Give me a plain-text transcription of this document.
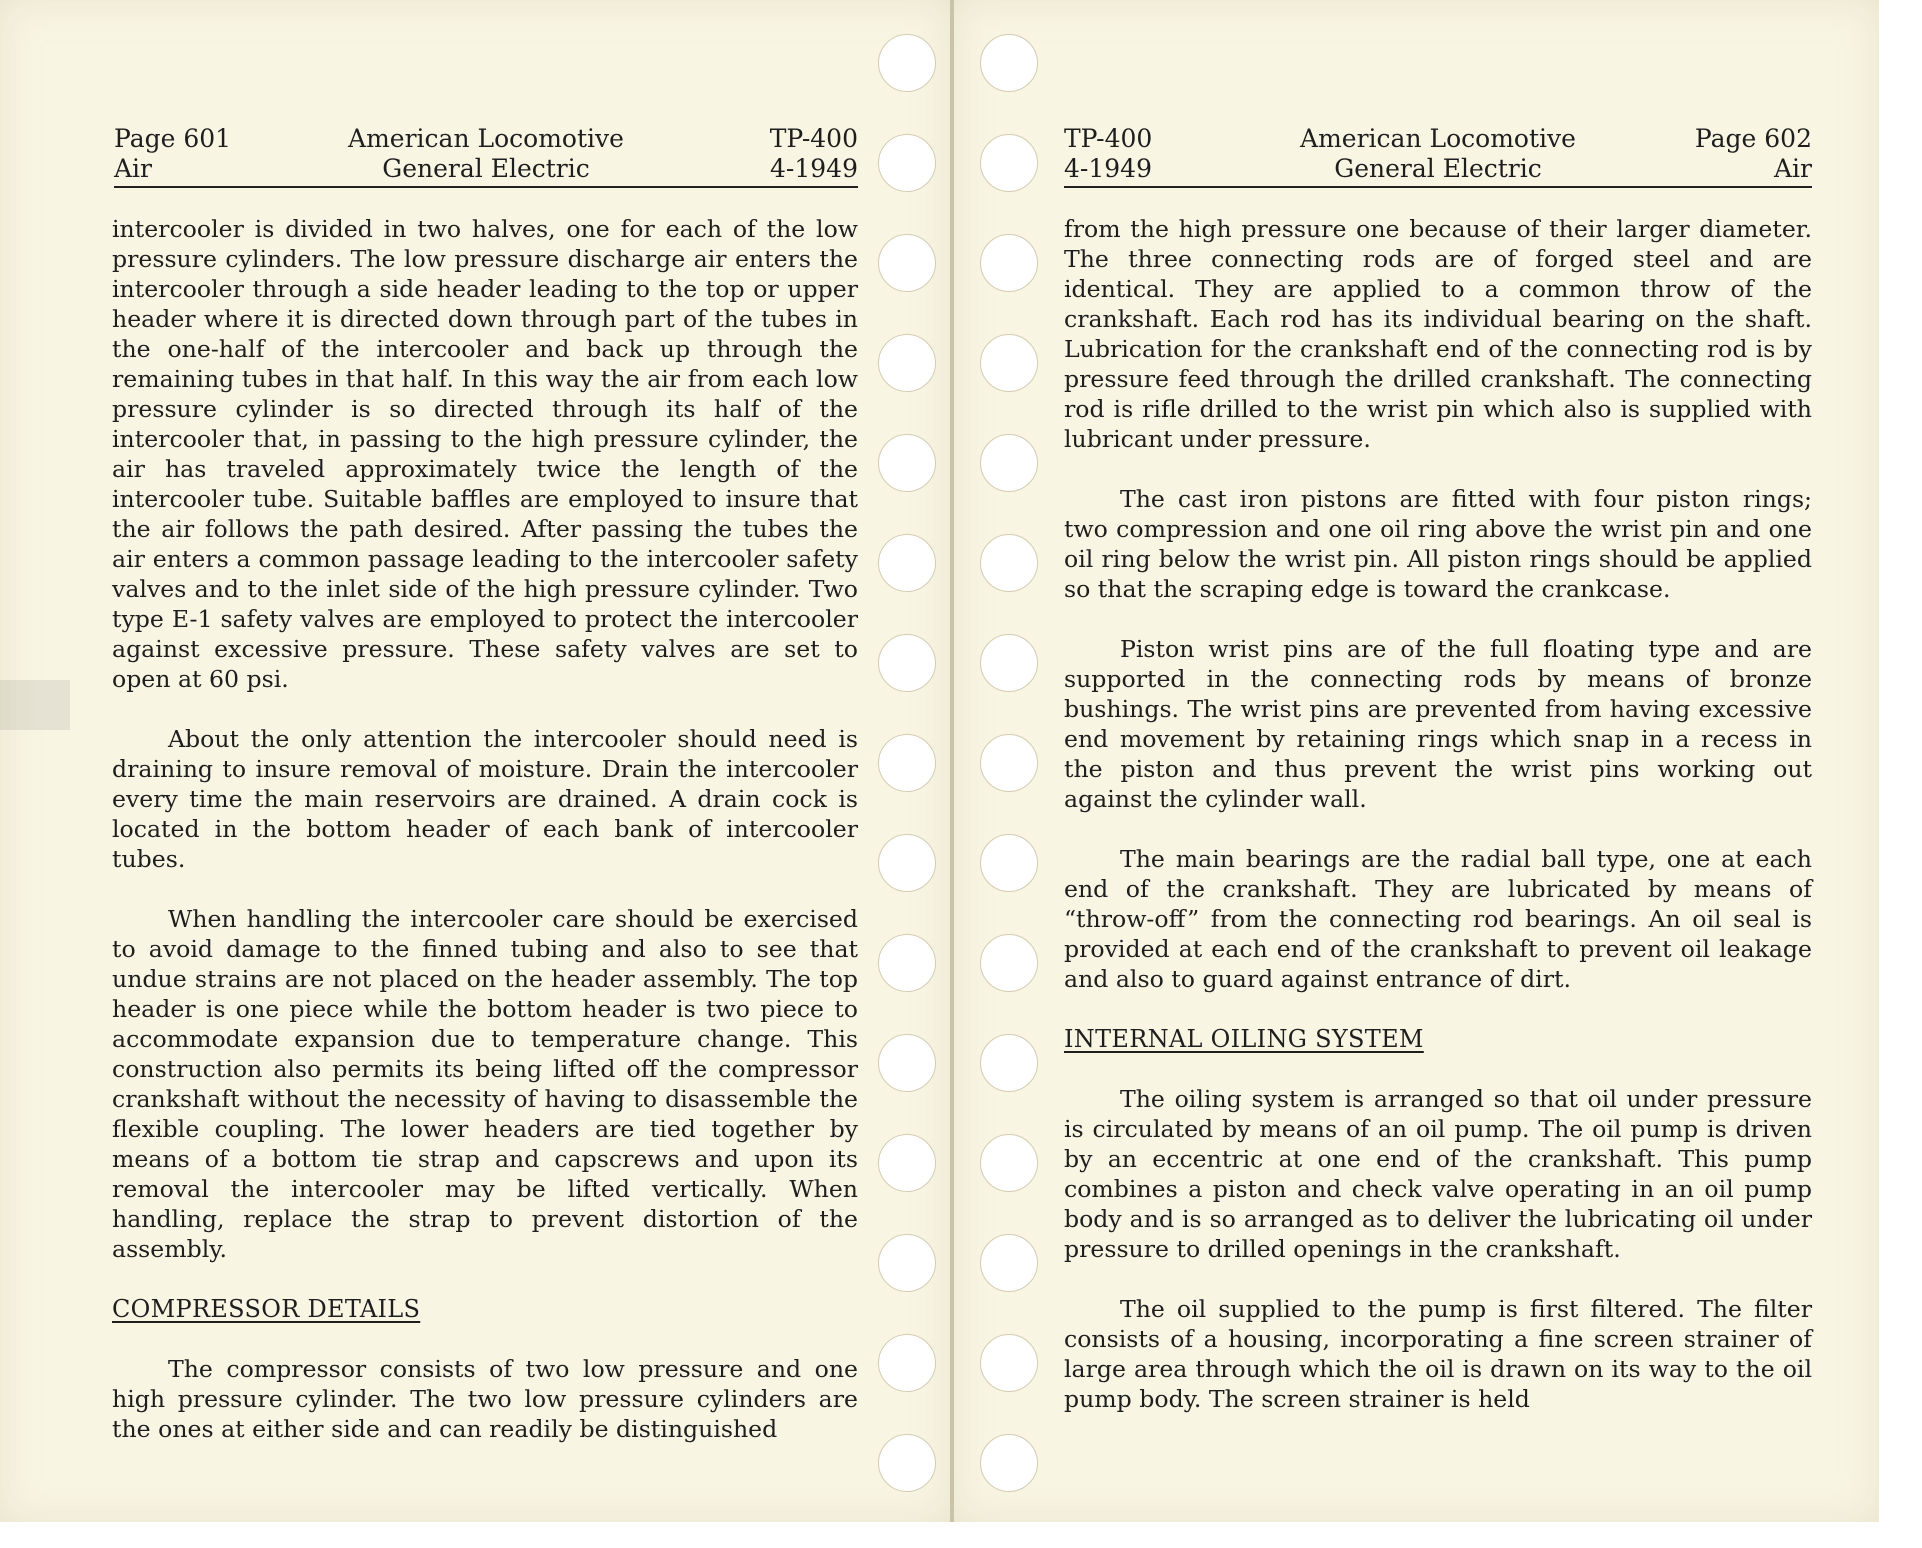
Page 601
Air
American Locomotive
General Electric
TP-400
4-1949

intercooler is divided in two halves, one for each of the low pressure cylinders. The low pressure discharge air enters the intercooler through a side header leading to the top or upper header where it is directed down through part of the tubes in the one-half of the intercooler and back up through the remaining tubes in that half. In this way the air from each low pressure cylinder is so directed through its half of the intercooler that, in passing to the high pressure cylinder, the air has traveled approximately twice the length of the intercooler tube. Suitable baffles are employed to insure that the air follows the path desired. After passing the tubes the air enters a common passage leading to the intercooler safety valves and to the inlet side of the high pressure cylinder. Two type E-1 safety valves are employed to protect the intercooler against excessive pressure. These safety valves are set to open at 60 psi.

About the only attention the intercooler should need is draining to insure removal of moisture. Drain the intercooler every time the main reservoirs are drained. A drain cock is located in the bottom header of each bank of intercooler tubes.

When handling the intercooler care should be exercised to avoid damage to the finned tubing and also to see that undue strains are not placed on the header assembly. The top header is one piece while the bottom header is two piece to accommodate expansion due to temperature change. This construction also permits its being lifted off the compressor crankshaft without the necessity of having to disassemble the flexible coupling. The lower headers are tied together by means of a bottom tie strap and capscrews and upon its removal the intercooler may be lifted vertically. When handling, replace the strap to prevent distortion of the assembly.

COMPRESSOR DETAILS

The compressor consists of two low pressure and one high pressure cylinder. The two low pressure cylinders are the ones at either side and can readily be distinguished

TP-400
4-1949
American Locomotive
General Electric
Page 602
Air

from the high pressure one because of their larger diameter. The three connecting rods are of forged steel and are identical. They are applied to a common throw of the crankshaft. Each rod has its individual bearing on the shaft. Lubrication for the crankshaft end of the connecting rod is by pressure feed through the drilled crankshaft. The connecting rod is rifle drilled to the wrist pin which also is supplied with lubricant under pressure.

The cast iron pistons are fitted with four piston rings; two compression and one oil ring above the wrist pin and one oil ring below the wrist pin. All piston rings should be applied so that the scraping edge is toward the crankcase.

Piston wrist pins are of the full floating type and are supported in the connecting rods by means of bronze bushings. The wrist pins are prevented from having excessive end movement by retaining rings which snap in a recess in the piston and thus prevent the wrist pins working out against the cylinder wall.

The main bearings are the radial ball type, one at each end of the crankshaft. They are lubricated by means of “throw-off” from the connecting rod bearings. An oil seal is provided at each end of the crankshaft to prevent oil leakage and also to guard against entrance of dirt.

INTERNAL OILING SYSTEM

The oiling system is arranged so that oil under pressure is circulated by means of an oil pump. The oil pump is driven by an eccentric at one end of the crankshaft. This pump combines a piston and check valve operating in an oil pump body and is so arranged as to deliver the lubricating oil under pressure to drilled openings in the crankshaft.

The oil supplied to the pump is first filtered. The filter consists of a housing, incorporating a fine screen strainer of large area through which the oil is drawn on its way to the oil pump body. The screen strainer is held
